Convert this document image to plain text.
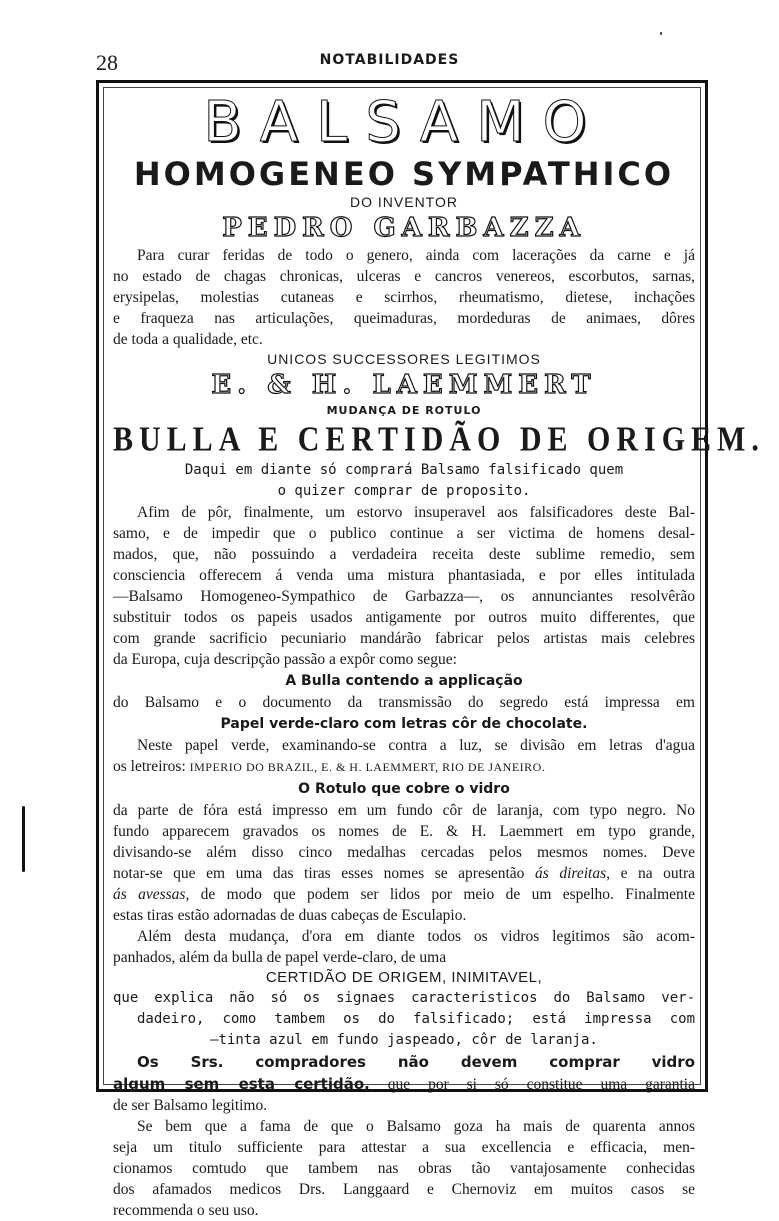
28	NOTABILIDADES
BALSAMO
HOMOGENEO SYMPATHICO
DO INVENTOR
PEDRO GARBAZZA
Para curar feridas de todo o genero, ainda com lacerações da carne e já
no estado de chagas chronicas, ulceras e cancros venereos, escorbutos, sarnas,
erysipelas, molestias cutaneas e scirrhos, rheumatismo, dietese, inchações
e fraqueza nas articulações, queimaduras, mordeduras de animaes, dôres
de toda a qualidade, etc.
UNICOS SUCCESSORES LEGITIMOS
E. & H. LAEMMERT
MUDANÇA DE ROTULO
BULLA E CERTIDÃO DE ORIGEM.
Daqui em diante só comprará Balsamo falsificado quem
o quizer comprar de proposito.
Afim de pôr, finalmente, um estorvo insuperavel aos falsificadores deste Bal-
samo, e de impedir que o publico continue a ser victima de homens desal-
mados, que, não possuindo a verdadeira receita deste sublime remedio, sem
consciencia offerecem á venda uma mistura phantasiada, e por elles intitulada
—Balsamo Homogeneo-Sympathico de Garbazza—, os annunciantes resolvêrão
substituir todos os papeis usados antigamente por outros muito differentes, que
com grande sacrificio pecuniario mandárão fabricar pelos artistas mais celebres
da Europa, cuja descripção passão a expôr como segue:
A Bulla contendo a applicação
do Balsamo e o documento da transmissão do segredo está impressa em
Papel verde-claro com letras côr de chocolate.
Neste papel verde, examinando-se contra a luz, se divisão em letras d'agua
os letreiros: IMPERIO DO BRAZIL, E. & H. LAEMMERT, RIO DE JANEIRO.
O Rotulo que cobre o vidro
da parte de fóra está impresso em um fundo côr de laranja, com typo negro. No
fundo apparecem gravados os nomes de E. & H. Laemmert em typo grande,
divisando-se além disso cinco medalhas cercadas pelos mesmos nomes. Deve
notar-se que em uma das tiras esses nomes se apresentão ás direitas, e na outra
ás avessas, de modo que podem ser lidos por meio de um espelho. Finalmente
estas tiras estão adornadas de duas cabeças de Esculapio.
Além desta mudança, d'ora em diante todos os vidros legitimos são acom-
panhados, além da bulla de papel verde-claro, de uma
CERTIDÃO DE ORIGEM, INIMITAVEL,
que explica não só os signaes caracteristicos do Balsamo ver-
dadeiro, como tambem os do falsificado; está impressa com
—tinta azul em fundo jaspeado, côr de laranja.
Os Srs. compradores não devem comprar vidro
algum sem esta certidão, que por si só constitue uma garantia
de ser Balsamo legitimo.
Se bem que a fama de que o Balsamo goza ha mais de quarenta annos
seja um titulo sufficiente para attestar a sua excellencia e efficacia, men-
cionamos comtudo que tambem nas obras tão vantajosamente conhecidas
dos afamados medicos Drs. Langgaard e Chernoviz em muitos casos se
recommenda o seu uso.
